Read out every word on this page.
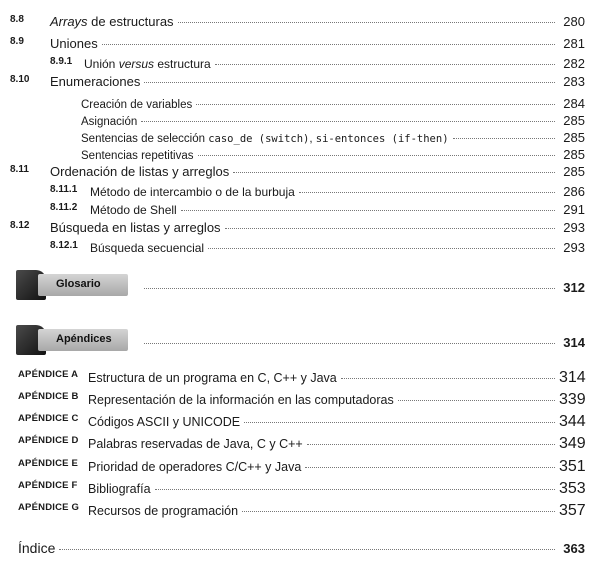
8.8 Arrays de estructuras	280
8.9 Uniones	281
8.9.1 Unión versus estructura	282
8.10 Enumeraciones	283
Creación de variables	284
Asignación	285
Sentencias de selección caso_de (switch), si-entonces (if-then)	285
Sentencias repetitivas	285
8.11 Ordenación de listas y arreglos	285
8.11.1 Método de intercambio o de la burbuja	286
8.11.2 Método de Shell	291
8.12 Búsqueda en listas y arreglos	293
8.12.1 Búsqueda secuencial	293
Glosario	312
Apéndices	314
APÉNDICE A Estructura de un programa en C, C++ y Java	314
APÉNDICE B Representación de la información en las computadoras	339
APÉNDICE C Códigos ASCII y UNICODE	344
APÉNDICE D Palabras reservadas de Java, C y C++	349
APÉNDICE E Prioridad de operadores C/C++ y Java	351
APÉNDICE F Bibliografía	353
APÉNDICE G Recursos de programación	357
Índice	363
